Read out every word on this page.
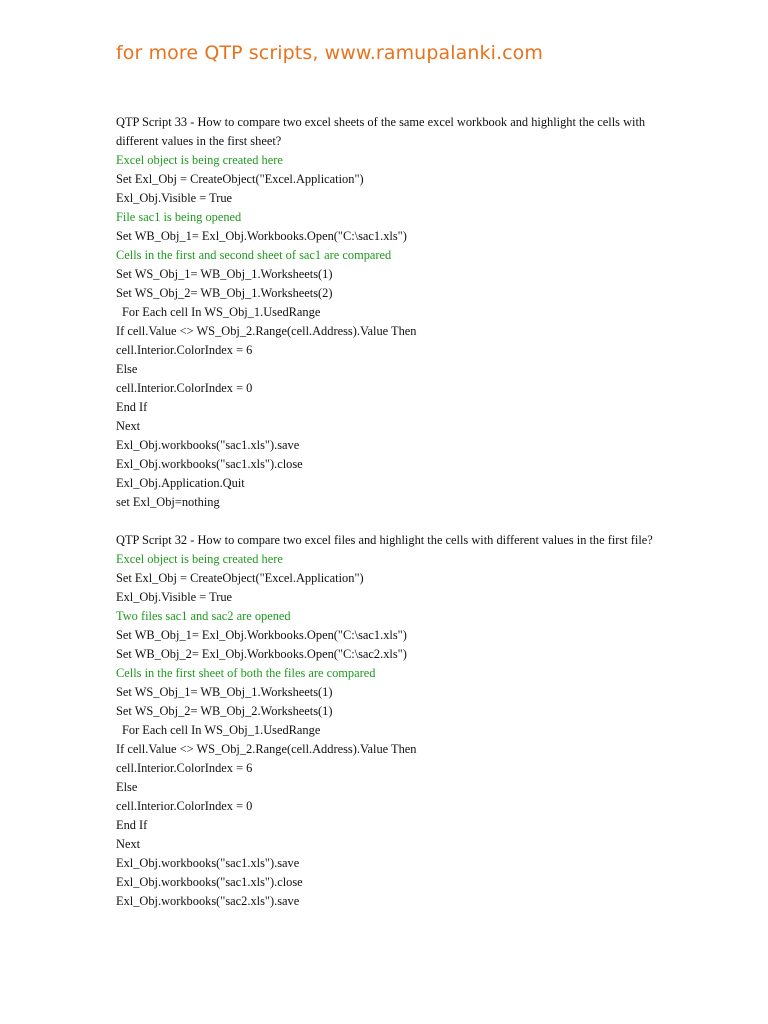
for more QTP scripts, www.ramupalanki.com
QTP Script 33 - How to compare two excel sheets of the same excel workbook and highlight the cells with different values in the first sheet?
Excel object is being created here
Set Exl_Obj = CreateObject("Excel.Application")
Exl_Obj.Visible = True
File sac1 is being opened
Set WB_Obj_1= Exl_Obj.Workbooks.Open("C:\sac1.xls")
Cells in the first and second sheet of sac1 are compared
Set WS_Obj_1= WB_Obj_1.Worksheets(1)
Set WS_Obj_2= WB_Obj_1.Worksheets(2)
For Each cell In WS_Obj_1.UsedRange
If cell.Value <> WS_Obj_2.Range(cell.Address).Value Then
cell.Interior.ColorIndex = 6
Else
cell.Interior.ColorIndex = 0
End If
Next
Exl_Obj.workbooks("sac1.xls").save
Exl_Obj.workbooks("sac1.xls").close
Exl_Obj.Application.Quit
set Exl_Obj=nothing
QTP Script 32 - How to compare two excel files and highlight the cells with different values in the first file?
Excel object is being created here
Set Exl_Obj = CreateObject("Excel.Application")
Exl_Obj.Visible = True
Two files sac1 and sac2 are opened
Set WB_Obj_1= Exl_Obj.Workbooks.Open("C:\sac1.xls")
Set WB_Obj_2= Exl_Obj.Workbooks.Open("C:\sac2.xls")
Cells in the first sheet of both the files are compared
Set WS_Obj_1= WB_Obj_1.Worksheets(1)
Set WS_Obj_2= WB_Obj_2.Worksheets(1)
For Each cell In WS_Obj_1.UsedRange
If cell.Value <> WS_Obj_2.Range(cell.Address).Value Then
cell.Interior.ColorIndex = 6
Else
cell.Interior.ColorIndex = 0
End If
Next
Exl_Obj.workbooks("sac1.xls").save
Exl_Obj.workbooks("sac1.xls").close
Exl_Obj.workbooks("sac2.xls").save
